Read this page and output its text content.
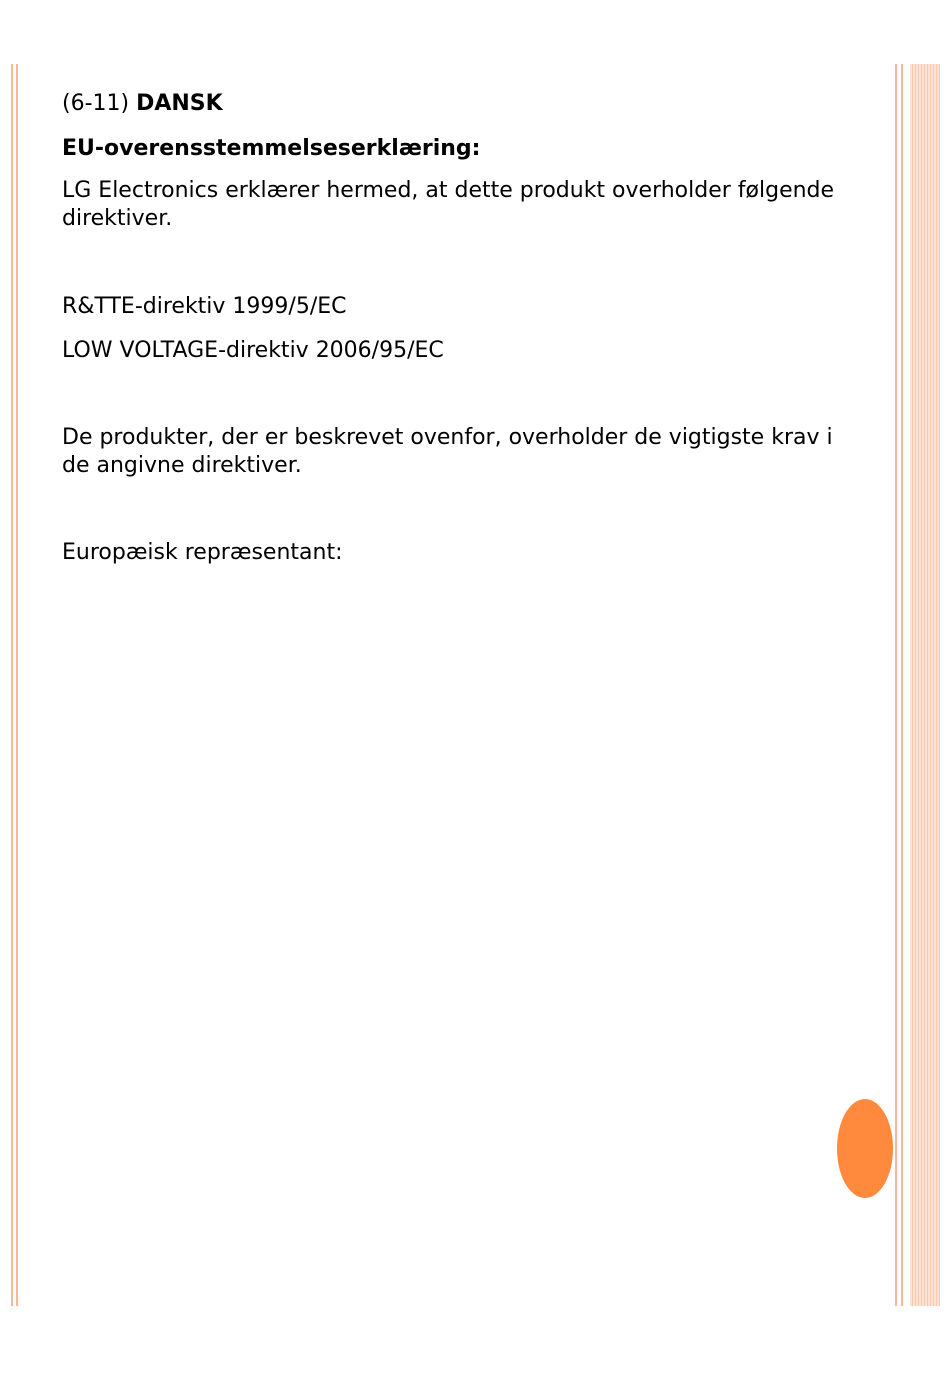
(6-11) DANSK

EU-overensstemmelseserklæring:

LG Electronics erklærer hermed, at dette produkt overholder følgende direktiver.

R&TTE-direktiv 1999/5/EC

LOW VOLTAGE-direktiv 2006/95/EC

De produkter, der er beskrevet ovenfor, overholder de vigtigste krav i de angivne direktiver.

Europæisk repræsentant:
